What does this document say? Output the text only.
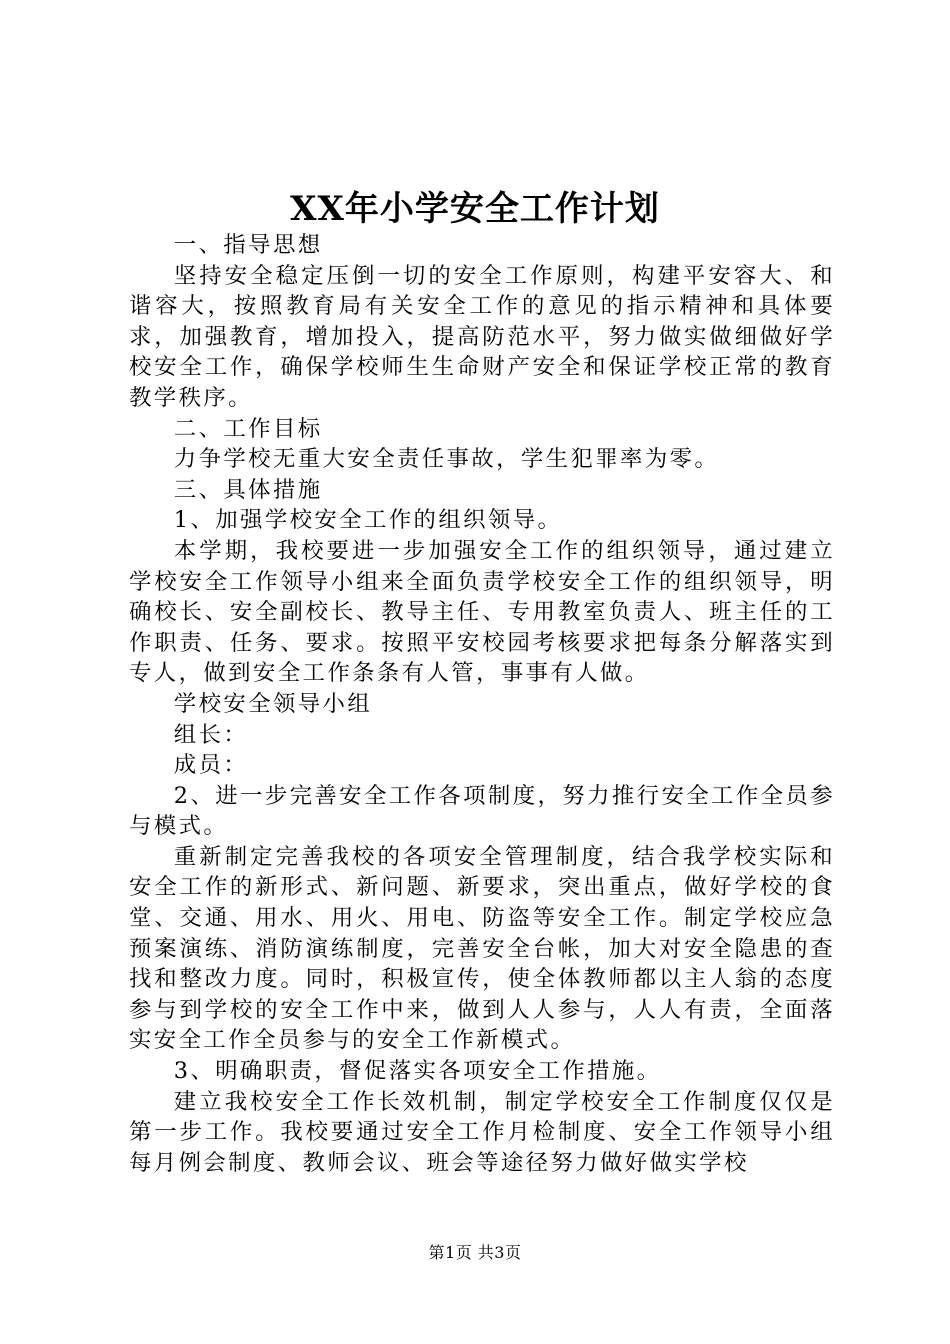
XX年小学安全工作计划

一、指导思想

坚持安全稳定压倒一切的安全工作原则，构建平安容大、和谐容大，按照教育局有关安全工作的意见的指示精神和具体要求，加强教育，增加投入，提高防范水平，努力做实做细做好学校安全工作，确保学校师生生命财产安全和保证学校正常的教育教学秩序。

二、工作目标

力争学校无重大安全责任事故，学生犯罪率为零。

三、具体措施

1、加强学校安全工作的组织领导。

本学期，我校要进一步加强安全工作的组织领导，通过建立学校安全工作领导小组来全面负责学校安全工作的组织领导，明确校长、安全副校长、教导主任、专用教室负责人、班主任的工作职责、任务、要求。按照平安校园考核要求把每条分解落实到专人，做到安全工作条条有人管，事事有人做。

学校安全领导小组

组长：

成员：

2、进一步完善安全工作各项制度，努力推行安全工作全员参与模式。

重新制定完善我校的各项安全管理制度，结合我学校实际和安全工作的新形式、新问题、新要求，突出重点，做好学校的食堂、交通、用水、用火、用电、防盗等安全工作。制定学校应急预案演练、消防演练制度，完善安全台帐，加大对安全隐患的查找和整改力度。同时，积极宣传，使全体教师都以主人翁的态度参与到学校的安全工作中来，做到人人参与，人人有责，全面落实安全工作全员参与的安全工作新模式。

3、明确职责，督促落实各项安全工作措施。

建立我校安全工作长效机制，制定学校安全工作制度仅仅是第一步工作。我校要通过安全工作月检制度、安全工作领导小组每月例会制度、教师会议、班会等途径努力做好做实学校

第1页 共3页
